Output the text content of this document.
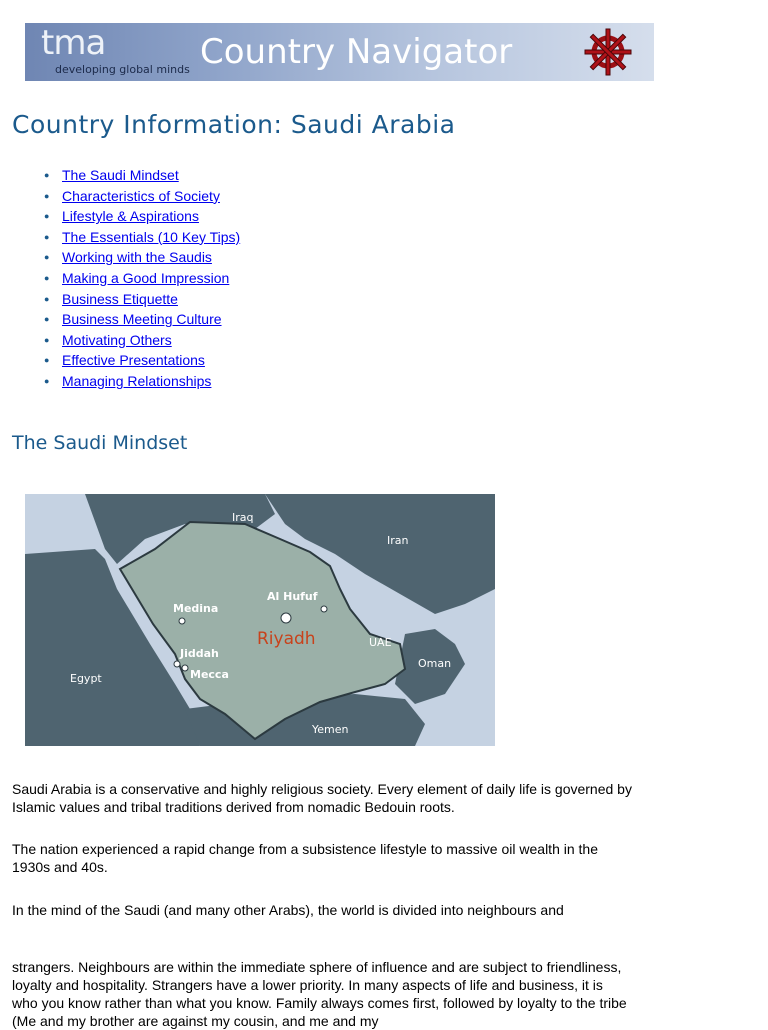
tma
developing global minds Country Navigator
Country Information: Saudi Arabia
● The Saudi Mindset
● Characteristics of Society
● Lifestyle & Aspirations
● The Essentials (10 Key Tips)
● Working with the Saudis
● Making a Good Impression
● Business Etiquette
● Business Meeting Culture
● Motivating Others
● Effective Presentations
● Managing Relationships
The Saudi Mindset
Iraq
Iran
Egypt
UAE
Oman
Yemen
Medina
Al Hufuf
Riyadh
Jiddah
Mecca

Saudi Arabia is a conservative and highly religious society. Every element of daily life is governed by Islamic values and tribal traditions derived from nomadic Bedouin roots.

The nation experienced a rapid change from a subsistence lifestyle to massive oil wealth in the 1930s and 40s.

In the mind of the Saudi (and many other Arabs), the world is divided into neighbours and

strangers. Neighbours are within the immediate sphere of influence and are subject to friendliness, loyalty and hospitality. Strangers have a lower priority. In many aspects of life and business, it is who you know rather than what you know. Family always comes first, followed by loyalty to the tribe (Me and my brother are against my cousin, and me and my
